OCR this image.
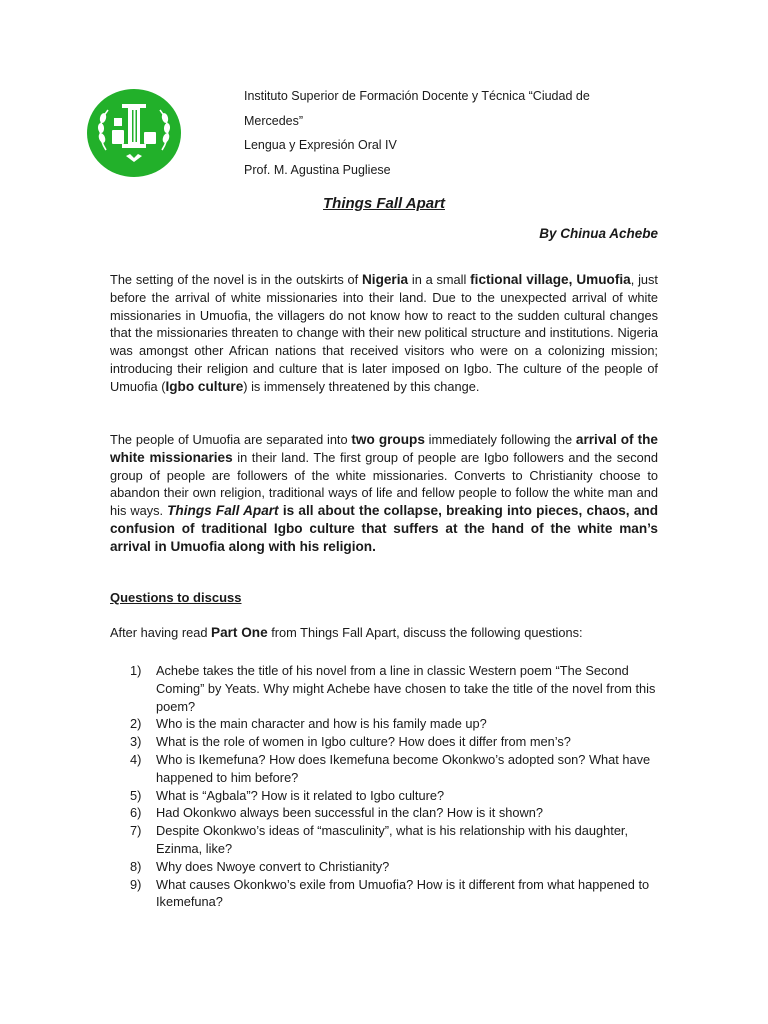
Instituto Superior de Formación Docente y Técnica “Ciudad de
Mercedes”
Lengua y Expresión Oral IV
Prof. M. Agustina Pugliese
Things Fall Apart
By Chinua Achebe
The setting of the novel is in the outskirts of Nigeria in a small fictional village, Umuofia, just before the arrival of white missionaries into their land. Due to the unexpected arrival of white missionaries in Umuofia, the villagers do not know how to react to the sudden cultural changes that the missionaries threaten to change with their new political structure and institutions. Nigeria was amongst other African nations that received visitors who were on a colonizing mission; introducing their religion and culture that is later imposed on Igbo. The culture of the people of Umuofia (Igbo culture) is immensely threatened by this change.
The people of Umuofia are separated into two groups immediately following the arrival of the white missionaries in their land. The first group of people are Igbo followers and the second group of people are followers of the white missionaries. Converts to Christianity choose to abandon their own religion, traditional ways of life and fellow people to follow the white man and his ways. Things Fall Apart is all about the collapse, breaking into pieces, chaos, and confusion of traditional Igbo culture that suffers at the hand of the white man’s arrival in Umuofia along with his religion.
Questions to discuss
After having read Part One from Things Fall Apart, discuss the following questions:
1)	Achebe takes the title of his novel from a line in classic Western poem “The Second Coming” by Yeats. Why might Achebe have chosen to take the title of the novel from this poem?
2)	Who is the main character and how is his family made up?
3)	What is the role of women in Igbo culture? How does it differ from men’s?
4)	Who is Ikemefuna? How does Ikemefuna become Okonkwo’s adopted son? What have happened to him before?
5)	What is “Agbala”? How is it related to Igbo culture?
6)	Had Okonkwo always been successful in the clan? How is it shown?
7)	Despite Okonkwo’s ideas of “masculinity”, what is his relationship with his daughter, Ezinma, like?
8)	Why does Nwoye convert to Christianity?
9)	What causes Okonkwo’s exile from Umuofia? How is it different from what happened to Ikemefuna?
